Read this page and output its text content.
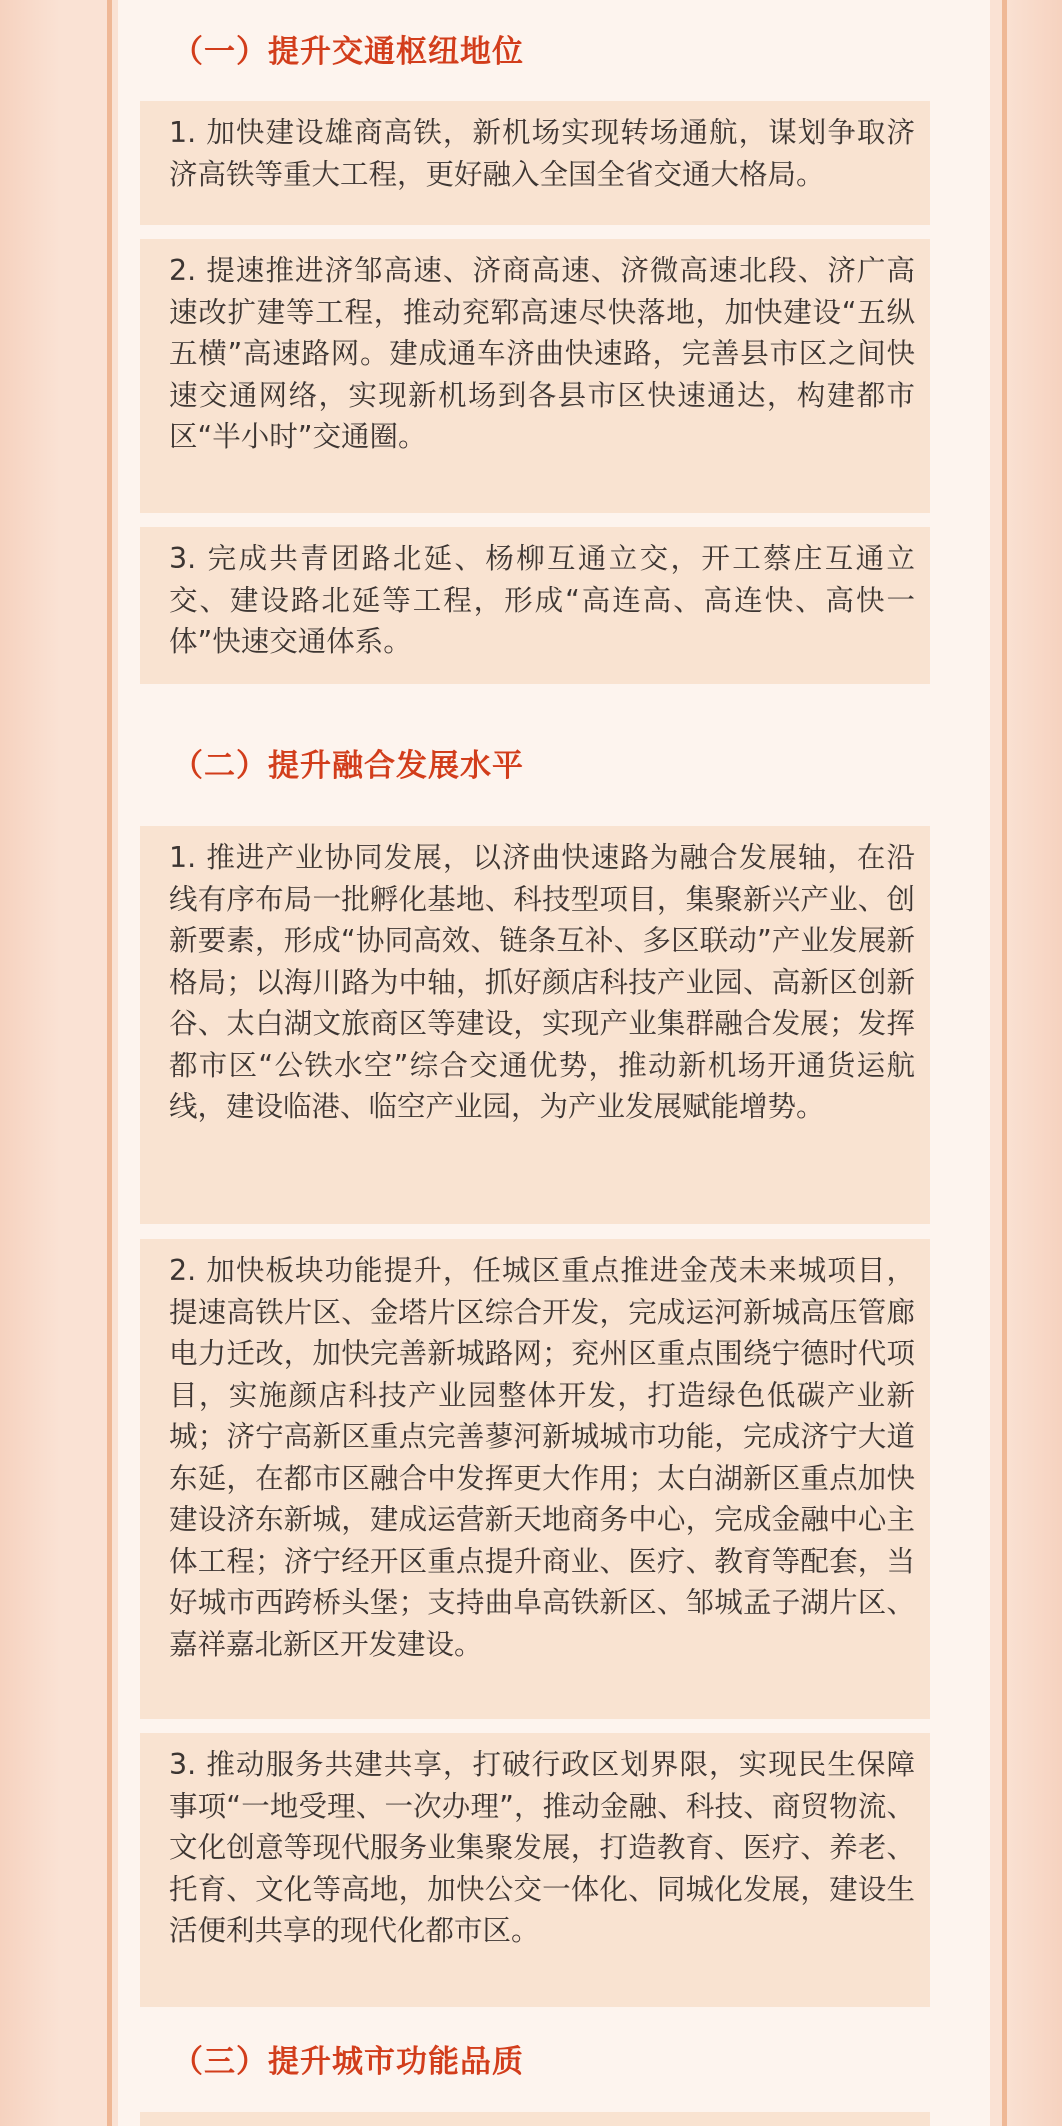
（一）提升交通枢纽地位

1. 加快建设雄商高铁，新机场实现转场通航，谋划争取济济高铁等重大工程，更好融入全国全省交通大格局。

2. 提速推进济邹高速、济商高速、济微高速北段、济广高速改扩建等工程，推动兖郓高速尽快落地，加快建设“五纵五横”高速路网。建成通车济曲快速路，完善县市区之间快速交通网络，实现新机场到各县市区快速通达，构建都市区“半小时”交通圈。

3. 完成共青团路北延、杨柳互通立交，开工蔡庄互通立交、建设路北延等工程，形成“高连高、高连快、高快一体”快速交通体系。

（二）提升融合发展水平

1. 推进产业协同发展，以济曲快速路为融合发展轴，在沿线有序布局一批孵化基地、科技型项目，集聚新兴产业、创新要素，形成“协同高效、链条互补、多区联动”产业发展新格局；以海川路为中轴，抓好颜店科技产业园、高新区创新谷、太白湖文旅商区等建设，实现产业集群融合发展；发挥都市区“公铁水空”综合交通优势，推动新机场开通货运航线，建设临港、临空产业园，为产业发展赋能增势。

2. 加快板块功能提升，任城区重点推进金茂未来城项目，提速高铁片区、金塔片区综合开发，完成运河新城高压管廊电力迁改，加快完善新城路网；兖州区重点围绕宁德时代项目，实施颜店科技产业园整体开发，打造绿色低碳产业新城；济宁高新区重点完善蓼河新城城市功能，完成济宁大道东延，在都市区融合中发挥更大作用；太白湖新区重点加快建设济东新城，建成运营新天地商务中心，完成金融中心主体工程；济宁经开区重点提升商业、医疗、教育等配套，当好城市西跨桥头堡；支持曲阜高铁新区、邹城孟子湖片区、嘉祥嘉北新区开发建设。

3. 推动服务共建共享，打破行政区划界限，实现民生保障事项“一地受理、一次办理”，推动金融、科技、商贸物流、文化创意等现代服务业集聚发展，打造教育、医疗、养老、托育、文化等高地，加快公交一体化、同城化发展，建设生活便利共享的现代化都市区。

（三）提升城市功能品质
